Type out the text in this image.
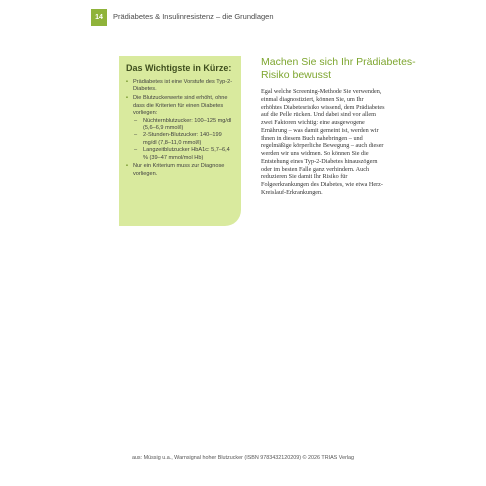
14	Prädiabetes & Insulinresistenz – die Grundlagen
Das Wichtigste in Kürze:
• Prädiabetes ist eine Vorstufe des Typ-2-Diabetes.
• Die Blutzuckerwerte sind erhöht, ohne dass die Kriterien für einen Diabetes vorliegen:
– Nüchternblutzucker: 100–125 mg/dl (5,6–6,9 mmol/l)
– 2-Stunden-Blutzucker: 140–199 mg/dl (7,8–11,0 mmol/l)
– Langzeitblutzucker HbA1c: 5,7–6,4 % (39–47 mmol/mol Hb)
• Nur ein Kriterium muss zur Diagnose vorliegen.
Machen Sie sich Ihr Prädiabetes-Risiko bewusst

Egal welche Screening-Methode Sie verwenden, einmal diagnostiziert, können Sie, um Ihr erhöhtes Diabetesrisiko wissend, dem Prädiabetes auf die Pelle rücken. Und dabei sind vor allem zwei Faktoren wichtig: eine ausgewogene Ernährung – was damit gemeint ist, werden wir Ihnen in diesem Buch nahebringen – und regelmäßige körperliche Bewegung – auch dieser werden wir uns widmen. So können Sie die Entstehung eines Typ-2-Diabetes hinauszögern oder im besten Falle ganz verhindern. Auch reduzieren Sie damit Ihr Risiko für Folgeerkrankungen des Diabetes, wie etwa Herz-Kreislauf-Erkrankungen.

aus: Müssig u.a., Warnsignal hoher Blutzucker (ISBN 9783432120209) © 2026 TRIAS Verlag
